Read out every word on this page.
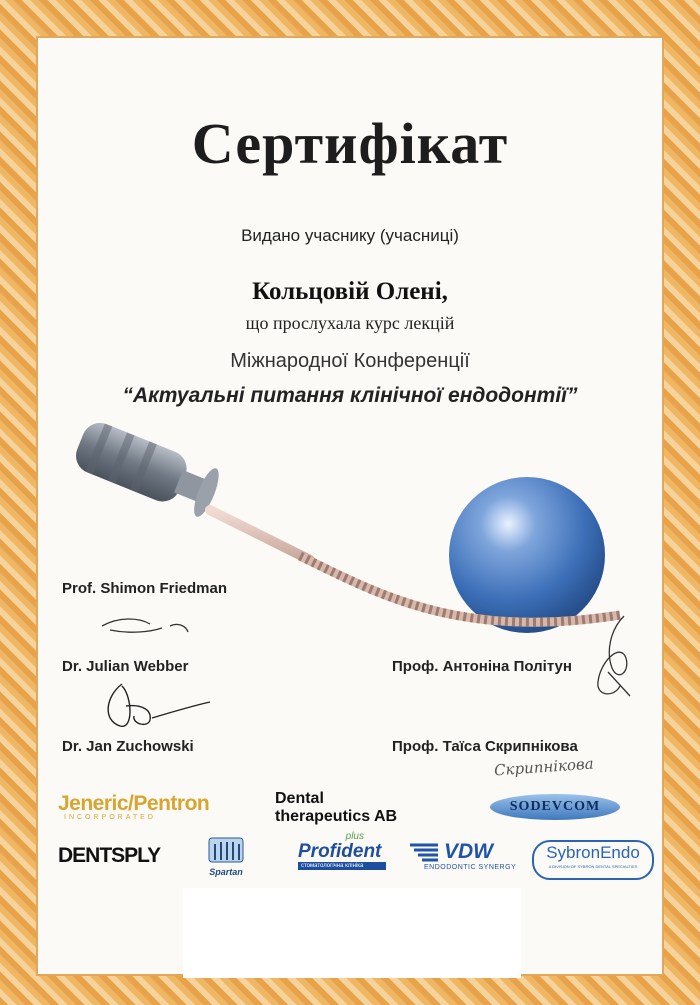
Сертифікат
Видано учаснику (учасниці)
Кольцовій Олені,
що прослухала курс лекцій
Міжнародної Конференції
“Актуальні питання клінічної ендодонтії”
Prof. Shimon Friedman
Dr. Julian Webber
Dr. Jan Zuchowski
Проф. Антоніна Політун
Проф. Таїса Скрипнікова
Скрипнікова
Jeneric/Pentron
INCORPORATED
Dental
therapeutics AB
SODEVCOM
DENTSPLY
Spartan
plus
Profident
стоматологічна клініка
VDW
ENDODONTIC SYNERGY
SybronEndo
A DIVISION OF SYBRON DENTAL SPECIALTIES
